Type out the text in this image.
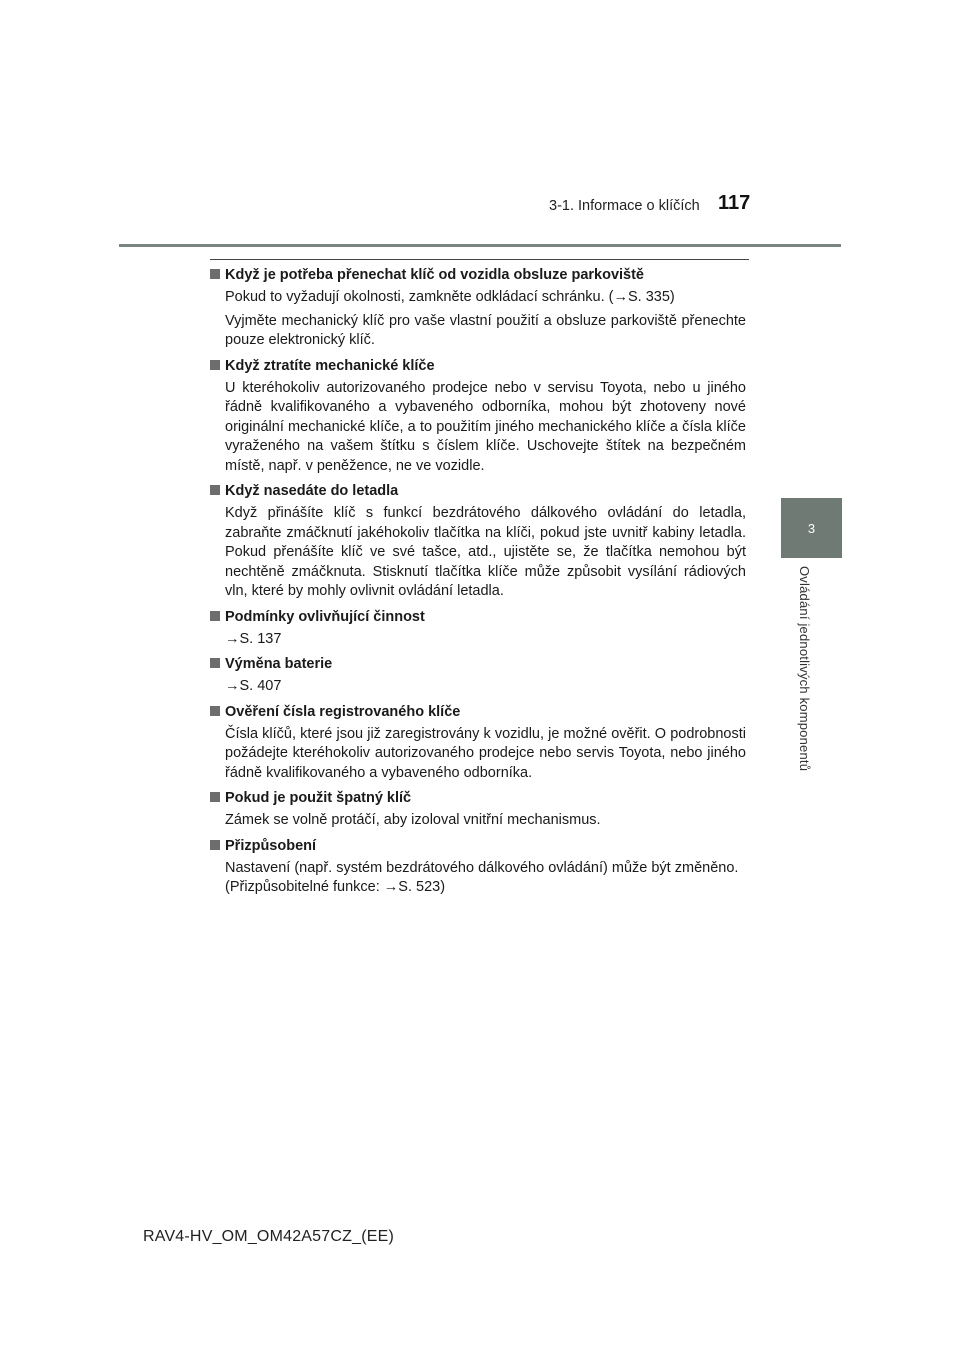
3-1. Informace o klíčích 117
3
Ovládání jednotlivých komponentů
Když je potřeba přenechat klíč od vozidla obsluze parkoviště
Pokud to vyžadují okolnosti, zamkněte odkládací schránku. (→S. 335)
Vyjměte mechanický klíč pro vaše vlastní použití a obsluze parkoviště přenechte pouze elektronický klíč.
Když ztratíte mechanické klíče
U kteréhokoliv autorizovaného prodejce nebo v servisu Toyota, nebo u jiného řádně kvalifikovaného a vybaveného odborníka, mohou být zhotoveny nové originální mechanické klíče, a to použitím jiného mechanického klíče a čísla klíče vyraženého na vašem štítku s číslem klíče. Uschovejte štítek na bezpečném místě, např. v peněžence, ne ve vozidle.
Když nasedáte do letadla
Když přinášíte klíč s funkcí bezdrátového dálkového ovládání do letadla, zabraňte zmáčknutí jakéhokoliv tlačítka na klíči, pokud jste uvnitř kabiny letadla. Pokud přenášíte klíč ve své tašce, atd., ujistěte se, že tlačítka nemohou být nechtěně zmáčknuta. Stisknutí tlačítka klíče může způsobit vysílání rádiových vln, které by mohly ovlivnit ovládání letadla.
Podmínky ovlivňující činnost
→S. 137
Výměna baterie
→S. 407
Ověření čísla registrovaného klíče
Čísla klíčů, které jsou již zaregistrovány k vozidlu, je možné ověřit. O podrobnosti požádejte kteréhokoliv autorizovaného prodejce nebo servis Toyota, nebo jiného řádně kvalifikovaného a vybaveného odborníka.
Pokud je použit špatný klíč
Zámek se volně protáčí, aby izoloval vnitřní mechanismus.
Přizpůsobení
Nastavení (např. systém bezdrátového dálkového ovládání) může být změněno.
(Přizpůsobitelné funkce: →S. 523)
RAV4-HV_OM_OM42A57CZ_(EE)
